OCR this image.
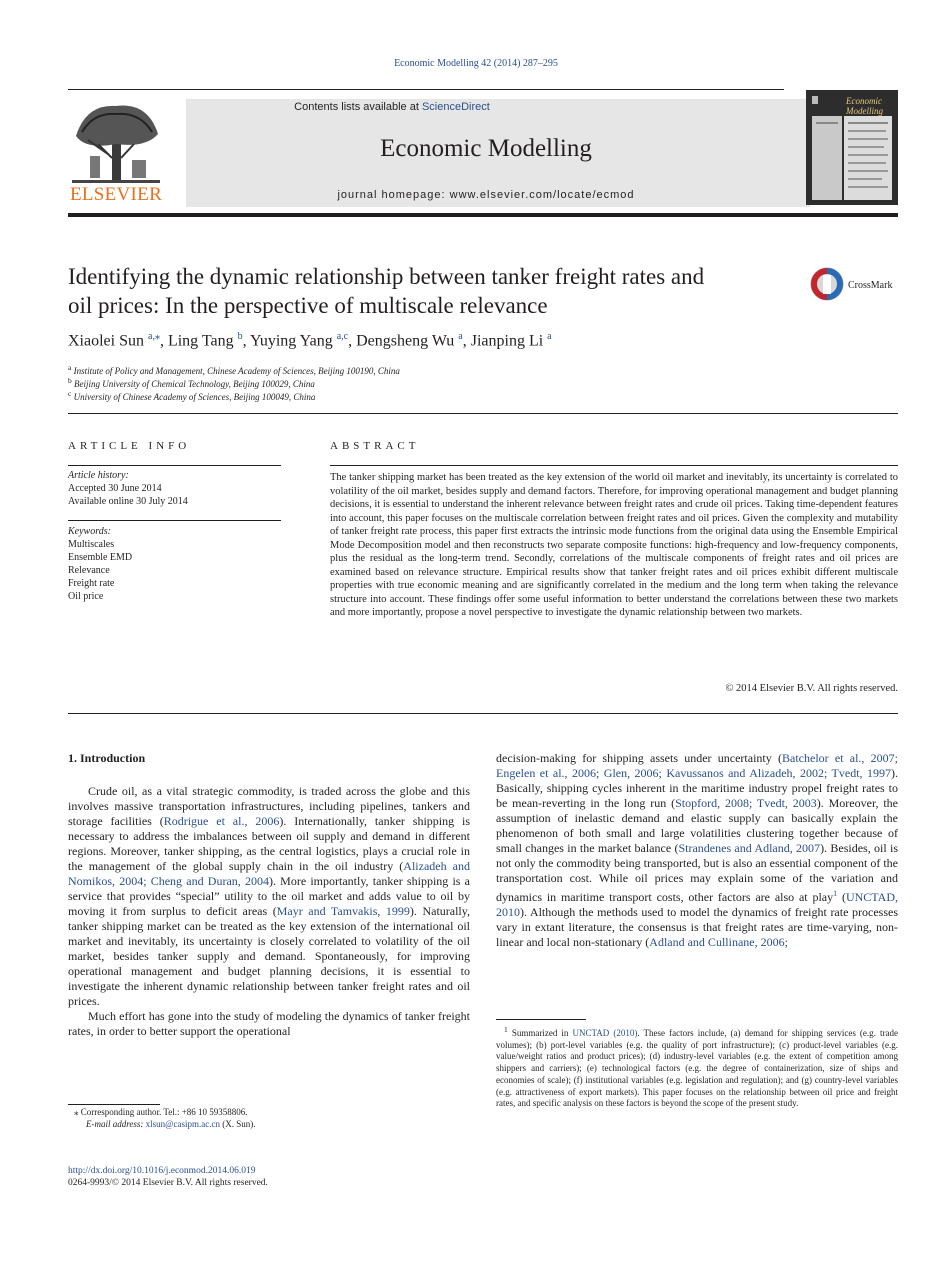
Economic Modelling 42 (2014) 287–295
ELSEVIER
Contents lists available at ScienceDirect
Economic Modelling
journal homepage: www.elsevier.com/locate/ecmod
Economic Modelling
Identifying the dynamic relationship between tanker freight rates and
oil prices: In the perspective of multiscale relevance
CrossMark
Xiaolei Sun $^{a,⁎}$, Ling Tang $^b$, Yuying Yang $^{a,c}$, Dengsheng Wu $^a$, Jianping Li $^a$
$^a$ Institute of Policy and Management, Chinese Academy of Sciences, Beijing 100190, China
$^b$ Beijing University of Chemical Technology, Beijing 100029, China
$^c$ University of Chinese Academy of Sciences, Beijing 100049, China
ARTICLE INFO
Article history:
Accepted 30 June 2014
Available online 30 July 2014
Keywords:
Multiscales
Ensemble EMD
Relevance
Freight rate
Oil price
ABSTRACT
The tanker shipping market has been treated as the key extension of the world oil market and inevitably, its uncertainty is correlated to volatility of the oil market, besides supply and demand factors. Therefore, for improving operational management and budget planning decisions, it is essential to understand the inherent relevance between freight rates and crude oil prices. Taking time-dependent features into account, this paper focuses on the multiscale correlation between freight rates and oil prices. Given the complexity and mutability of tanker freight rate process, this paper first extracts the intrinsic mode functions from the original data using the Ensemble Empirical Mode Decomposition model and then reconstructs two separate composite functions: high-frequency and low-frequency components, plus the residual as the long-term trend. Secondly, correlations of the multiscale components of freight rates and oil prices are examined based on relevance structure. Empirical results show that tanker freight rates and oil prices exhibit different multiscale properties with true economic meaning and are significantly correlated in the medium and the long term when taking the relevance structure into account. These findings offer some useful information to better understand the correlations between these two markets and more importantly, propose a novel perspective to investigate the dynamic relationship between two markets.
© 2014 Elsevier B.V. All rights reserved.
1. Introduction

Crude oil, as a vital strategic commodity, is traded across the globe and this involves massive transportation infrastructures, including pipelines, tankers and storage facilities (Rodrigue et al., 2006). Internationally, tanker shipping is necessary to address the imbalances between oil supply and demand in different regions. Moreover, tanker shipping, as the central logistics, plays a crucial role in the management of the global supply chain in the oil industry (Alizadeh and Nomikos, 2004; Cheng and Duran, 2004). More importantly, tanker shipping is a service that provides “special” utility to the oil market and adds value to oil by moving it from surplus to deficit areas (Mayr and Tamvakis, 1999). Naturally, tanker shipping market can be treated as the key extension of the international oil market and inevitably, its uncertainty is closely correlated to volatility of the oil market, besides tanker supply and demand. Spontaneously, for improving operational management and budget planning decisions, it is essential to investigate the inherent dynamic relationship between tanker freight rates and oil prices.

Much effort has gone into the study of modeling the dynamics of tanker freight rates, in order to better support the operational

decision-making for shipping assets under uncertainty (Batchelor et al., 2007; Engelen et al., 2006; Glen, 2006; Kavussanos and Alizadeh, 2002; Tvedt, 1997). Basically, shipping cycles inherent in the maritime industry propel freight rates to be mean-reverting in the long run (Stopford, 2008; Tvedt, 2003). Moreover, the assumption of inelastic demand and elastic supply can basically explain the phenomenon of both small and large volatilities clustering together because of small changes in the market balance (Strandenes and Adland, 2007). Besides, oil is not only the commodity being transported, but is also an essential component of the transportation cost. While oil prices may explain some of the variation and dynamics in maritime transport costs, other factors are also at play$^1$ (UNCTAD, 2010). Although the methods used to model the dynamics of freight rate processes vary in extant literature, the consensus is that freight rates are time-varying, non-linear and local non-stationary (Adland and Cullinane, 2006;

⁎ Corresponding author. Tel.: +86 10 59358806.
E-mail address: xlsun@casipm.ac.cn (X. Sun).
$^1$ Summarized in UNCTAD (2010). These factors include, (a) demand for shipping services (e.g. trade volumes); (b) port-level variables (e.g. the quality of port infrastructure); (c) product-level variables (e.g. value/weight ratios and product prices); (d) industry-level variables (e.g. the extent of competition among shippers and carriers); (e) technological factors (e.g. the degree of containerization, size of ships and economies of scale); (f) institutional variables (e.g. legislation and regulation); and (g) country-level variables (e.g. attractiveness of export markets). This paper focuses on the relationship between oil price and freight rates, and specific analysis on these factors is beyond the scope of the present study.
http://dx.doi.org/10.1016/j.econmod.2014.06.019
0264-9993/© 2014 Elsevier B.V. All rights reserved.
